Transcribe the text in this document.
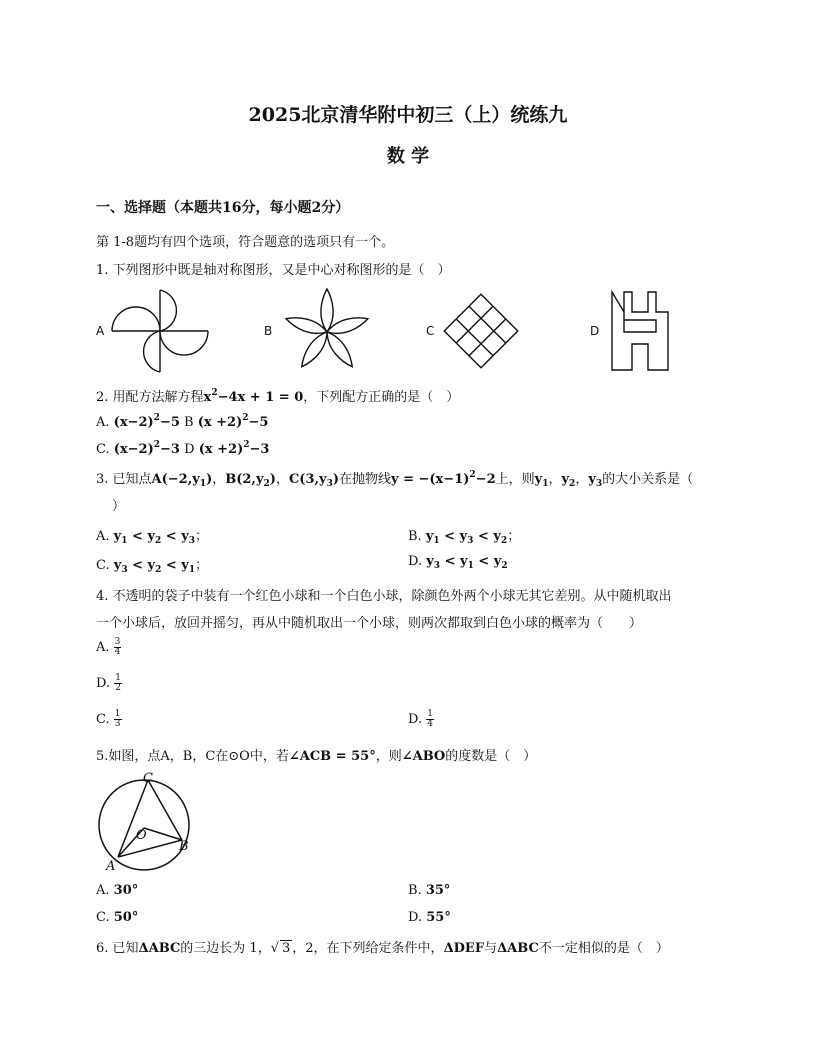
2025北京清华附中初三（上）统练九
数 学
一、选择题（本题共16分，每小题2分）
第 1-8题均有四个选项，符合题意的选项只有一个。
1. 下列图形中既是轴对称图形，又是中心对称图形的是（　）
A	B	C	D
2. 用配方法解方程$x^2-4x + 1 = 0$，下列配方正确的是（　）
A. $(x-2)^2-5$ B $(x +2)^2-5$
C. $(x-2)^2-3$ D $(x +2)^2-3$
3. 已知点$A(-2,y_1)$，$B(2,y_2)$，$C(3,y_3)$在抛物线$y = -(x-1)^2-2$上，则$y_1$，$y_2$，$y_3$的大小关系是（
）
A. $y_1 < y_2 < y_3$；	B. $y_1 < y_3 < y_2$；
C. $y_3 < y_2 < y_1$；	D. $y_3 < y_1 < y_2$
4. 不透明的袋子中装有一个红色小球和一个白色小球，除颜色外两个小球无其它差别。从中随机取出
一个小球后，放回并摇匀，再从中随机取出一个小球，则两次都取到白色小球的概率为（　　）
A. $\frac{3}{4}$
D. $\frac{1}{2}$
C. $\frac{1}{3}$	D. $\frac{1}{4}$
5.如图，点A，B，C在⊙O中，若∠ACB = 55°，则∠ABO的度数是（　）
C
O
A
B
A. 30°	B. 35°
C. 50°	D. 55°
6. 已知ΔABC的三边长为 1，√ 3 ，2，在下列给定条件中，ΔDEF与ΔABC不一定相似的是（　）
